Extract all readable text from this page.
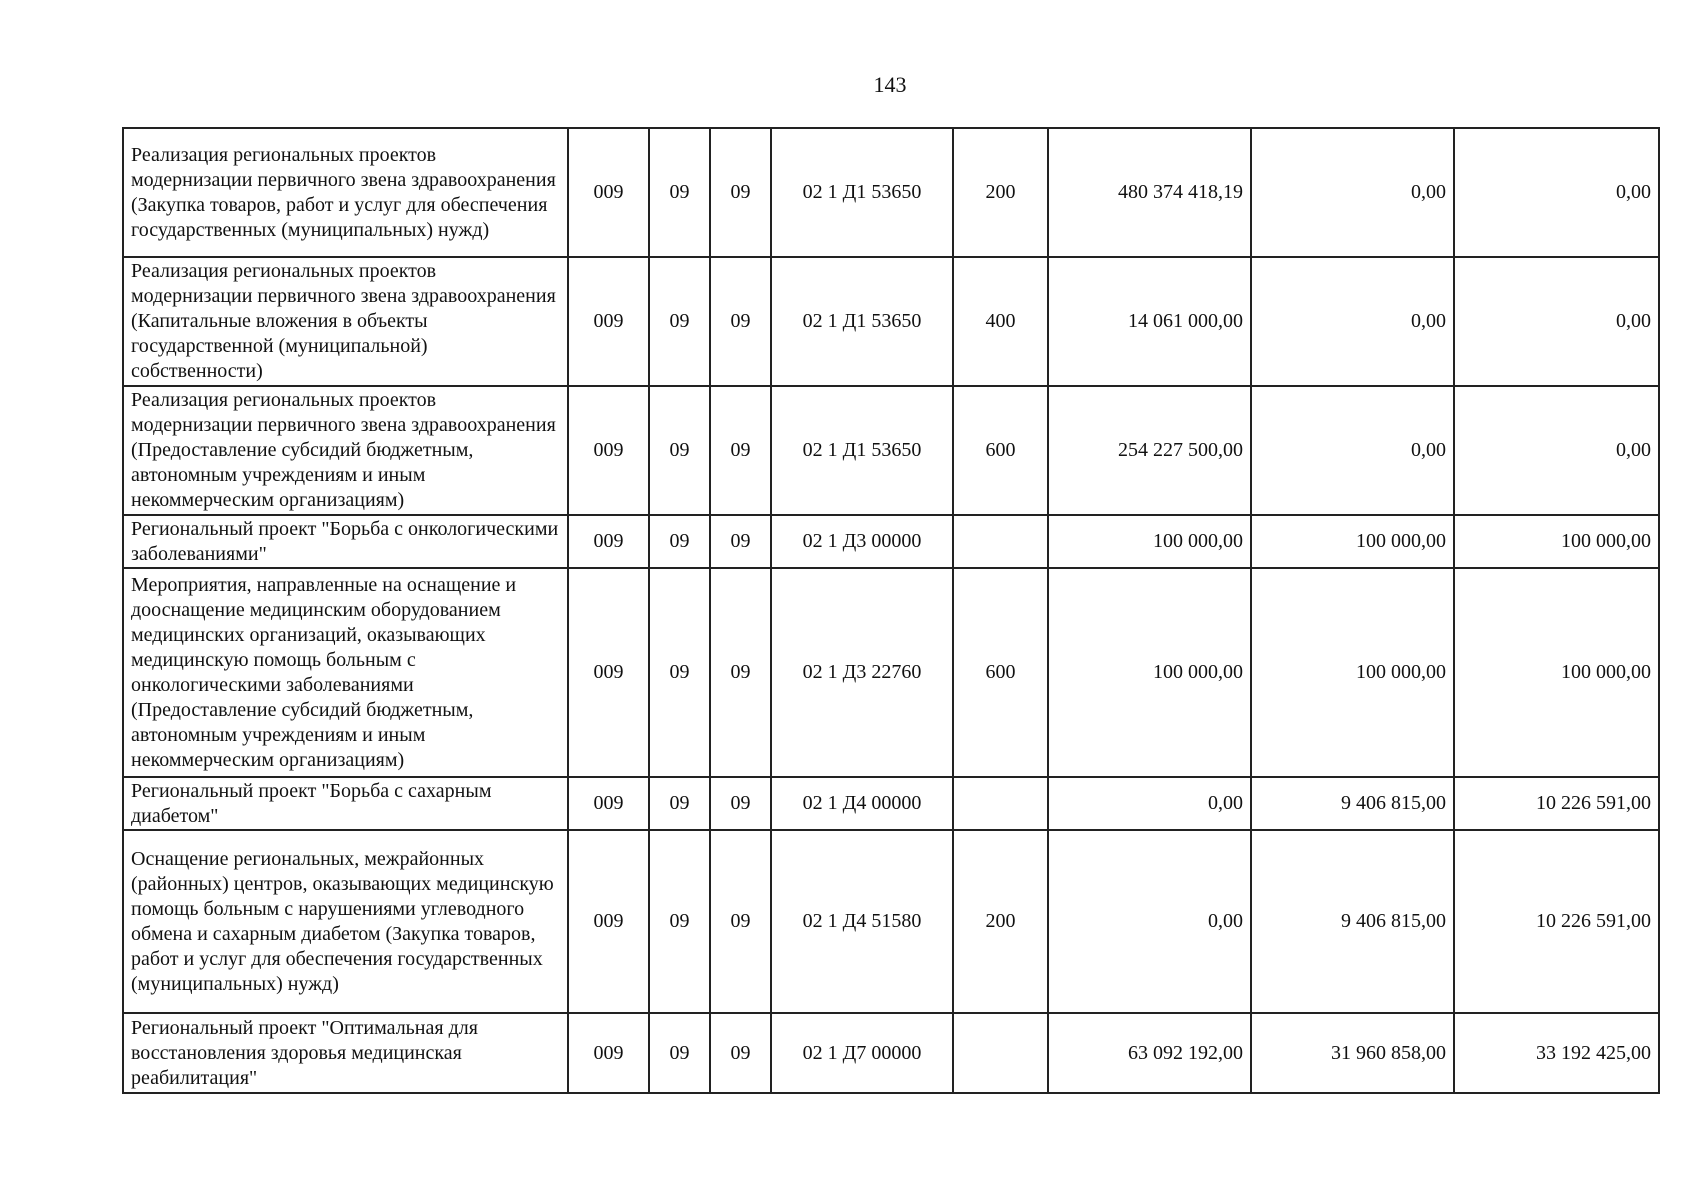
143
Реализация региональных проектов модернизации первичного звена здравоохранения (Закупка товаров, работ и услуг для обеспечения государственных (муниципальных) нужд)	009	09	09	02 1 Д1 53650	200	480 374 418,19	0,00	0,00
Реализация региональных проектов модернизации первичного звена здравоохранения (Капитальные вложения в объекты государственной (муниципальной) собственности)	009	09	09	02 1 Д1 53650	400	14 061 000,00	0,00	0,00
Реализация региональных проектов модернизации первичного звена здравоохранения (Предоставление субсидий бюджетным, автономным учреждениям и иным некоммерческим организациям)	009	09	09	02 1 Д1 53650	600	254 227 500,00	0,00	0,00
Региональный проект "Борьба с онкологическими заболеваниями"	009	09	09	02 1 Д3 00000		100 000,00	100 000,00	100 000,00
Мероприятия, направленные на оснащение и дооснащение медицинским оборудованием медицинских организаций, оказывающих медицинскую помощь больным с онкологическими заболеваниями (Предоставление субсидий бюджетным, автономным учреждениям и иным некоммерческим организациям)	009	09	09	02 1 Д3 22760	600	100 000,00	100 000,00	100 000,00
Региональный проект "Борьба с сахарным диабетом"	009	09	09	02 1 Д4 00000		0,00	9 406 815,00	10 226 591,00
Оснащение региональных, межрайонных (районных) центров, оказывающих медицинскую помощь больным с нарушениями углеводного обмена и сахарным диабетом (Закупка товаров, работ и услуг для обеспечения государственных (муниципальных) нужд)	009	09	09	02 1 Д4 51580	200	0,00	9 406 815,00	10 226 591,00
Региональный проект "Оптимальная для восстановления здоровья медицинская реабилитация"	009	09	09	02 1 Д7 00000		63 092 192,00	31 960 858,00	33 192 425,00
